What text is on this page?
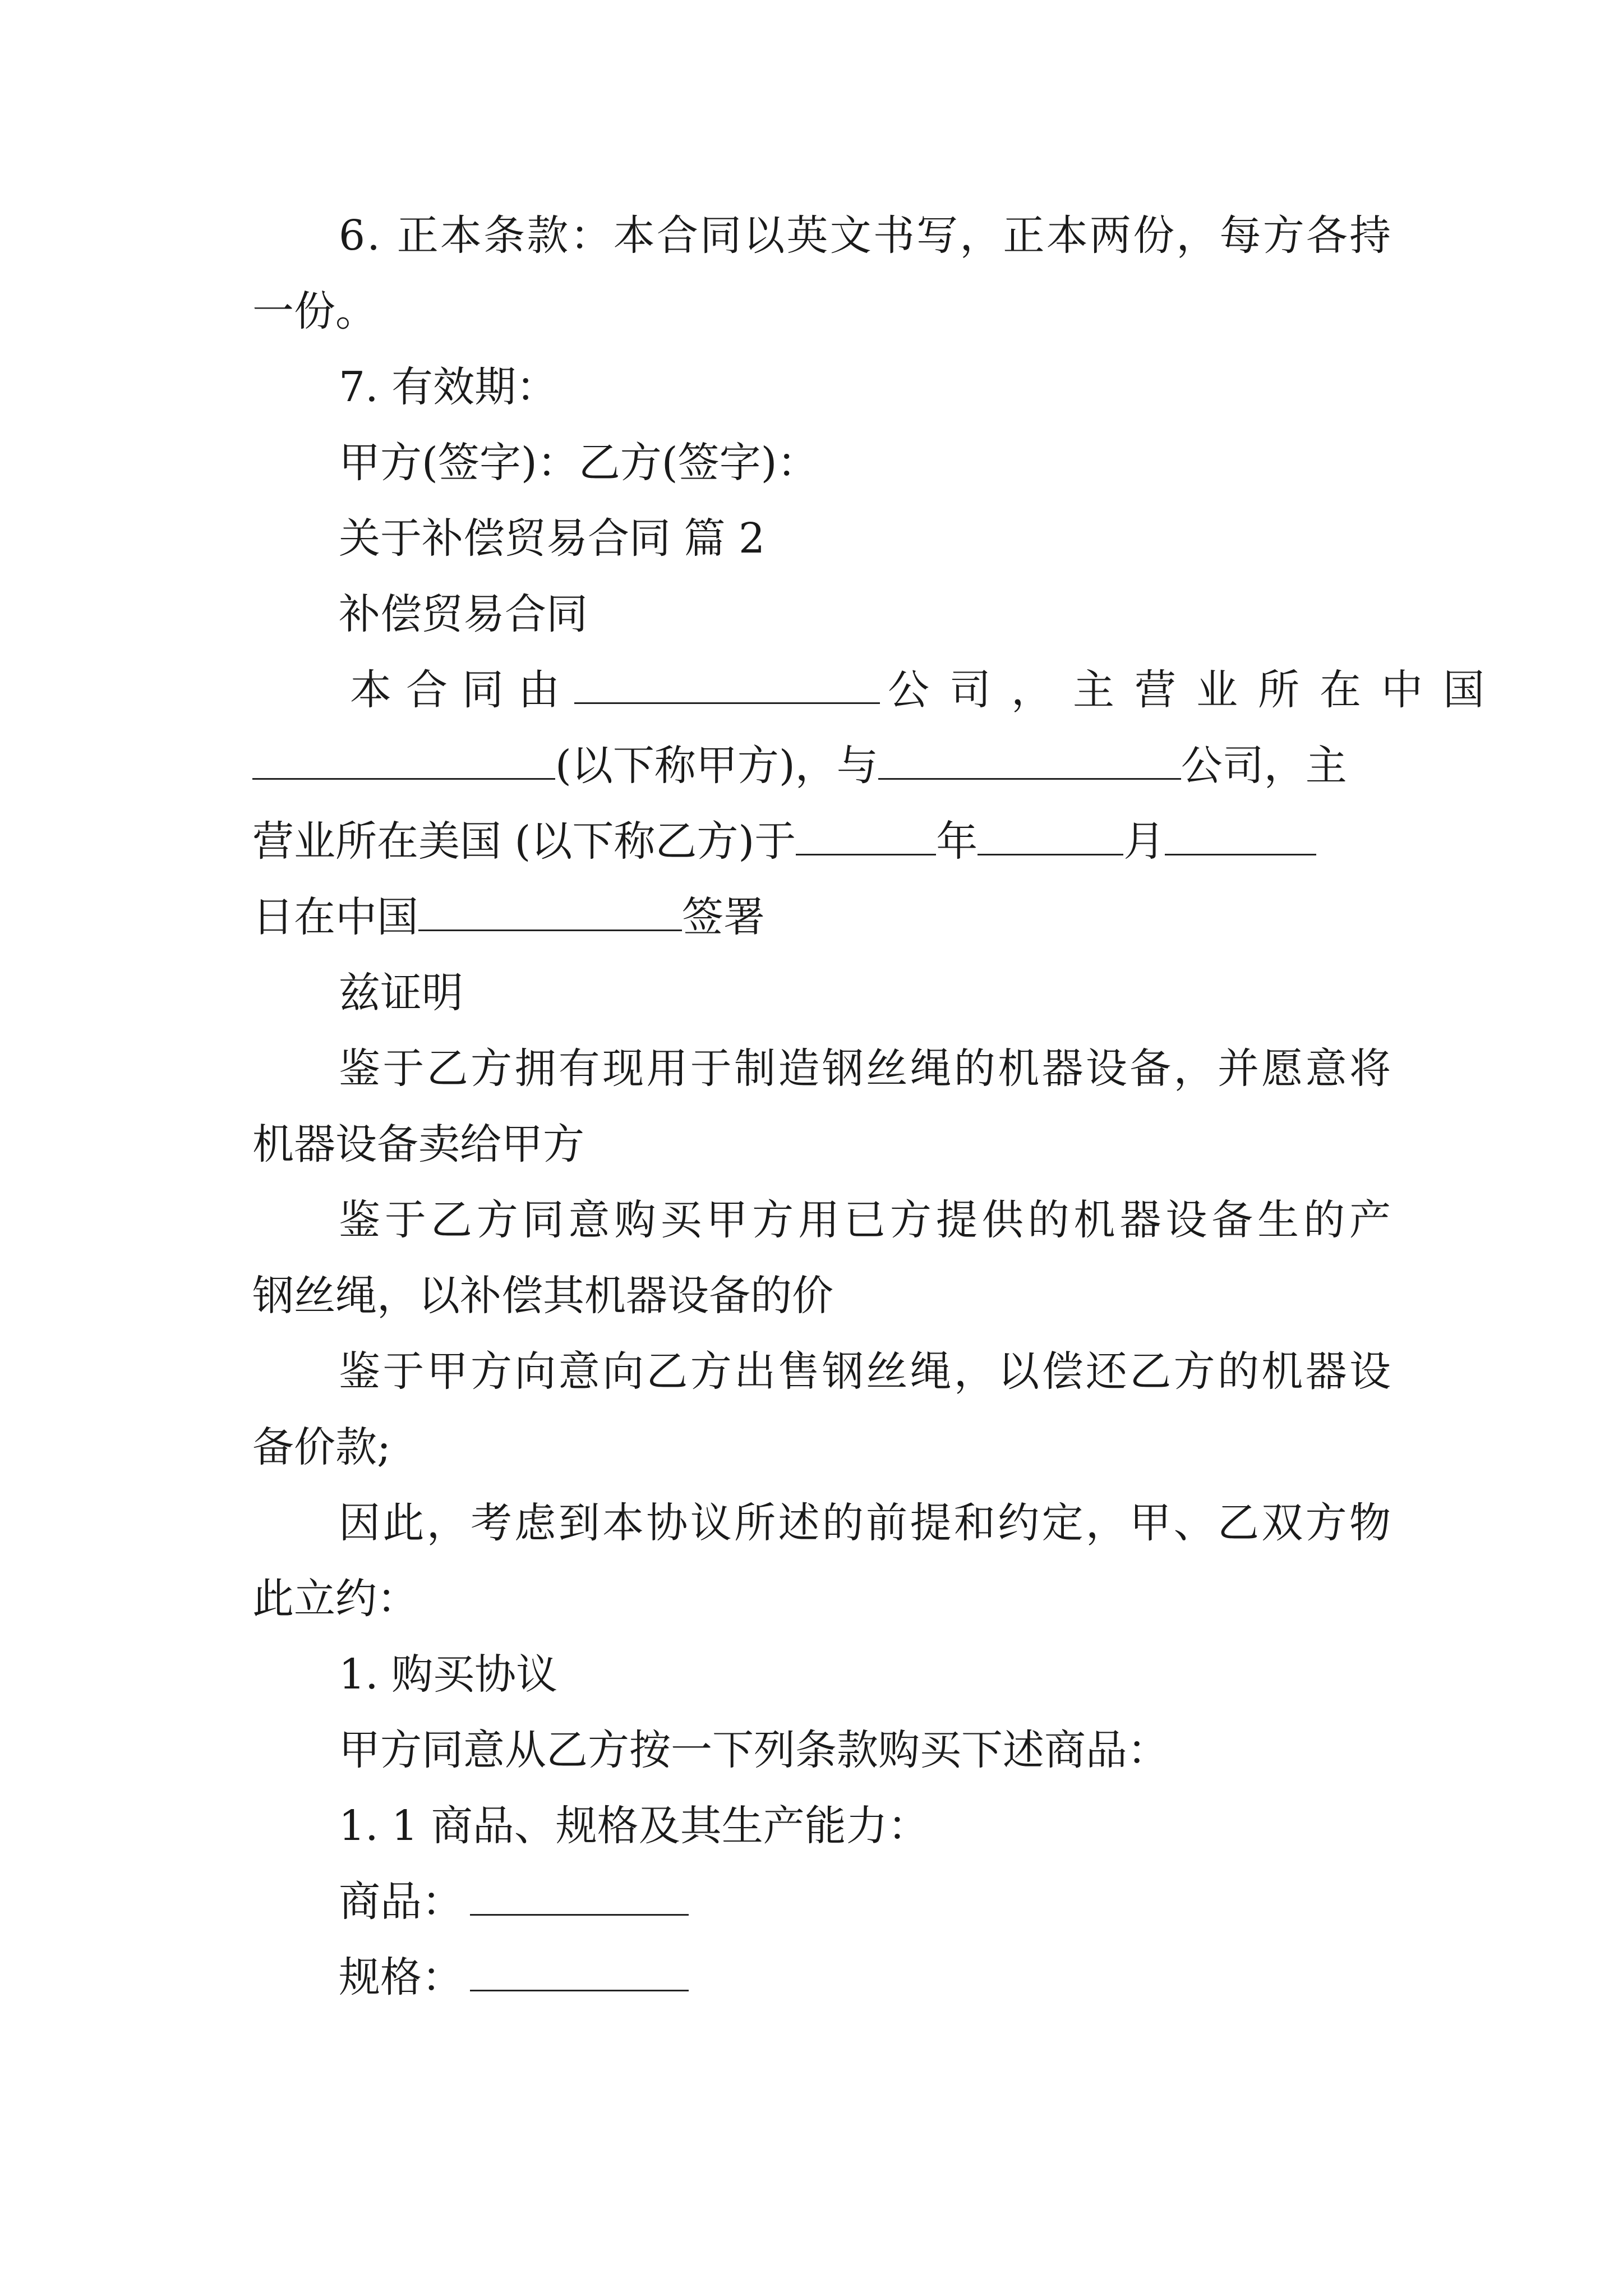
6. 正本条款：本合同以英文书写，正本两份，每方各持
一份。
7. 有效期：
甲方(签字)：乙方(签字)：
关于补偿贸易合同 篇 2
补偿贸易合同
本合同由	公司，主营业所在中国
(以下称甲方)，与	公司，主
营业所在美国 (以下称乙方)于	年	月
日在中国	签署
兹证明
鉴于乙方拥有现用于制造钢丝绳的机器设备，并愿意将
机器设备卖给甲方
鉴于乙方同意购买甲方用已方提供的机器设备生的产
钢丝绳，以补偿其机器设备的价
鉴于甲方向意向乙方出售钢丝绳，以偿还乙方的机器设
备价款;
因此，考虑到本协议所述的前提和约定，甲、乙双方物
此立约：
1. 购买协议
甲方同意从乙方按一下列条款购买下述商品：
1. 1 商品、规格及其生产能力：
商品：
规格：
